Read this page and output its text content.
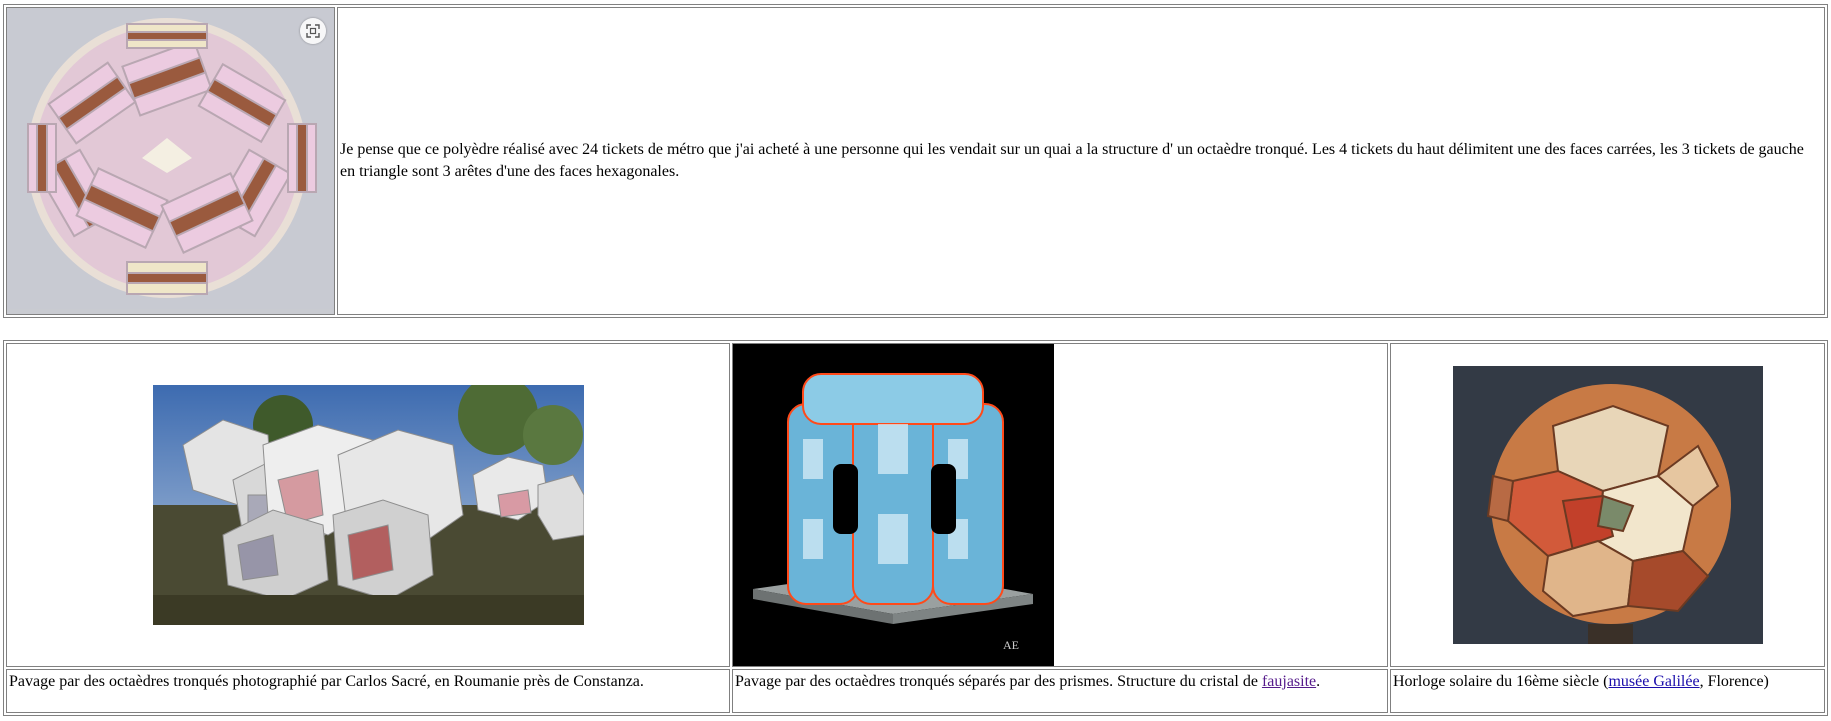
	Je pense que ce polyèdre réalisé avec 24 tickets de métro que j'ai acheté à une personne qui les vendait sur un quai a la structure d' un octaèdre tronqué. Les 4 tickets du haut délimitent une des faces carrées, les 3 tickets de gauche en triangle sont 3 arêtes d'une des faces hexagonales.

AE

Pavage par des octaèdres tronqués photographié par Carlos Sacré, en Roumanie près de Constanza.	Pavage par des octaèdres tronqués séparés par des prismes. Structure du cristal de faujasite.	Horloge solaire du 16ème siècle (musée Galilée, Florence)
